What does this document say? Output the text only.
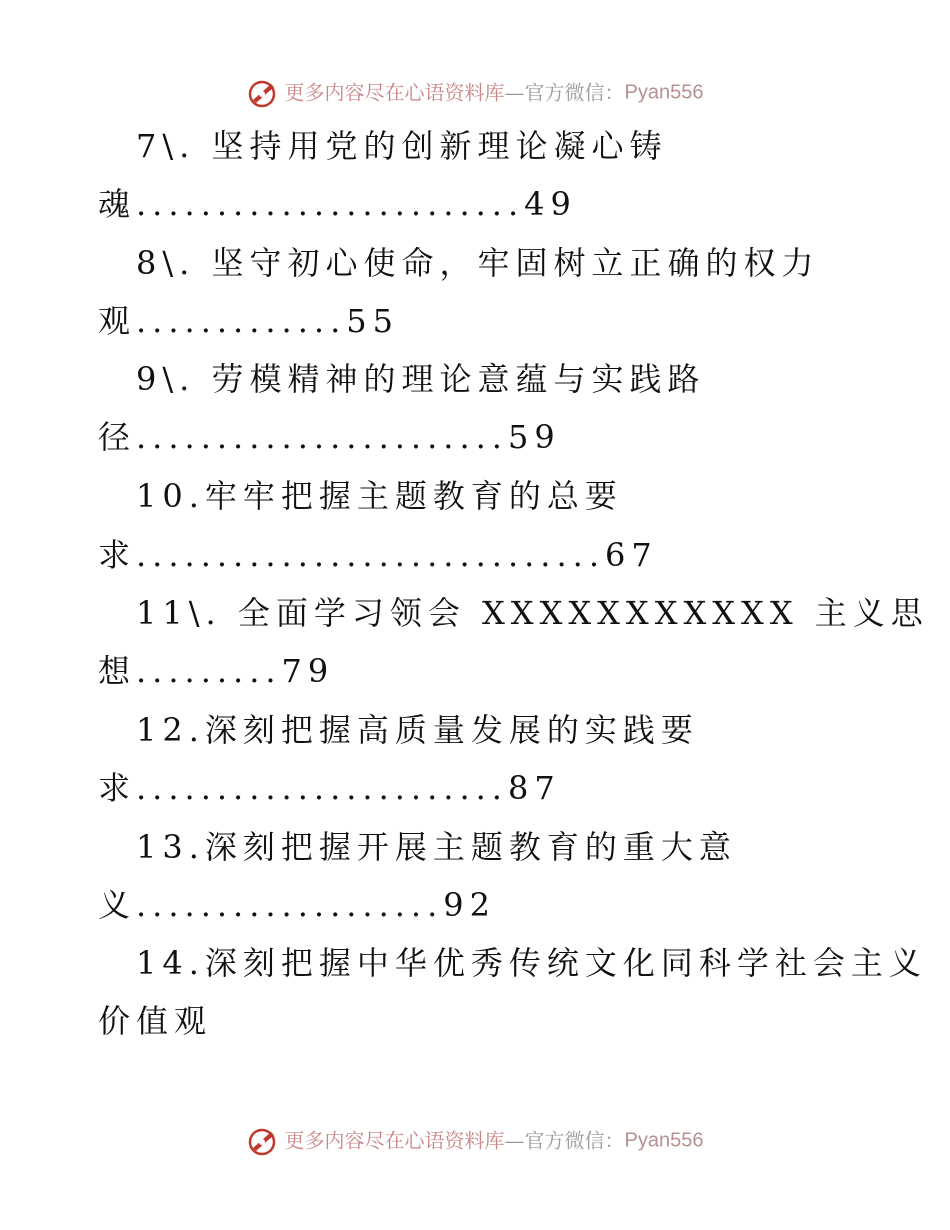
更多内容尽在心语资料库—官方微信：Pyan556
7\. 坚持用党的创新理论凝心铸
魂........................49
8\. 坚守初心使命，牢固树立正确的权力
观.............55
9\. 劳模精神的理论意蕴与实践路
径.......................59
10.牢牢把握主题教育的总要
求.............................67
11\. 全面学习领会 XXXXXXXXXXX 主义思
想.........79
12.深刻把握高质量发展的实践要
求.......................87
13.深刻把握开展主题教育的重大意
义...................92
14.深刻把握中华优秀传统文化同科学社会主义
价值观
更多内容尽在心语资料库—官方微信：Pyan556
